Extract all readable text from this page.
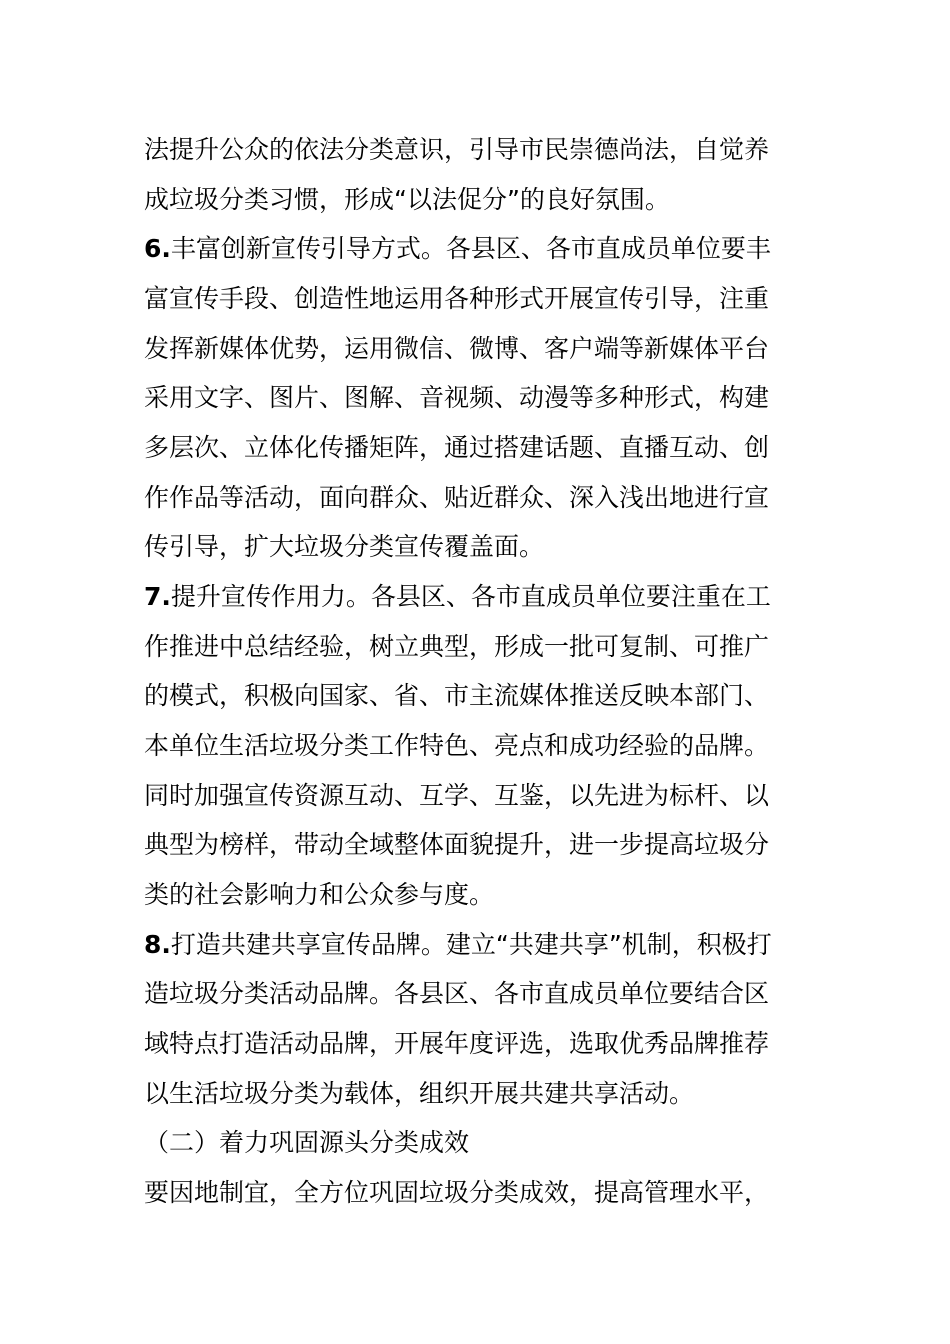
法提升公众的依法分类意识，引导市民崇德尚法，自觉养
成垃圾分类习惯，形成“以法促分”的良好氛围。
6.丰富创新宣传引导方式。各县区、各市直成员单位要丰
富宣传手段、创造性地运用各种形式开展宣传引导，注重
发挥新媒体优势，运用微信、微博、客户端等新媒体平台
采用文字、图片、图解、音视频、动漫等多种形式，构建
多层次、立体化传播矩阵，通过搭建话题、直播互动、创
作作品等活动，面向群众、贴近群众、深入浅出地进行宣
传引导，扩大垃圾分类宣传覆盖面。
7.提升宣传作用力。各县区、各市直成员单位要注重在工
作推进中总结经验，树立典型，形成一批可复制、可推广
的模式，积极向国家、省、市主流媒体推送反映本部门、
本单位生活垃圾分类工作特色、亮点和成功经验的品牌。
同时加强宣传资源互动、互学、互鉴，以先进为标杆、以
典型为榜样，带动全域整体面貌提升，进一步提高垃圾分
类的社会影响力和公众参与度。
8.打造共建共享宣传品牌。建立“共建共享”机制，积极打
造垃圾分类活动品牌。各县区、各市直成员单位要结合区
域特点打造活动品牌，开展年度评选，选取优秀品牌推荐
以生活垃圾分类为载体，组织开展共建共享活动。
（二）着力巩固源头分类成效
要因地制宜，全方位巩固垃圾分类成效，提高管理水平，
